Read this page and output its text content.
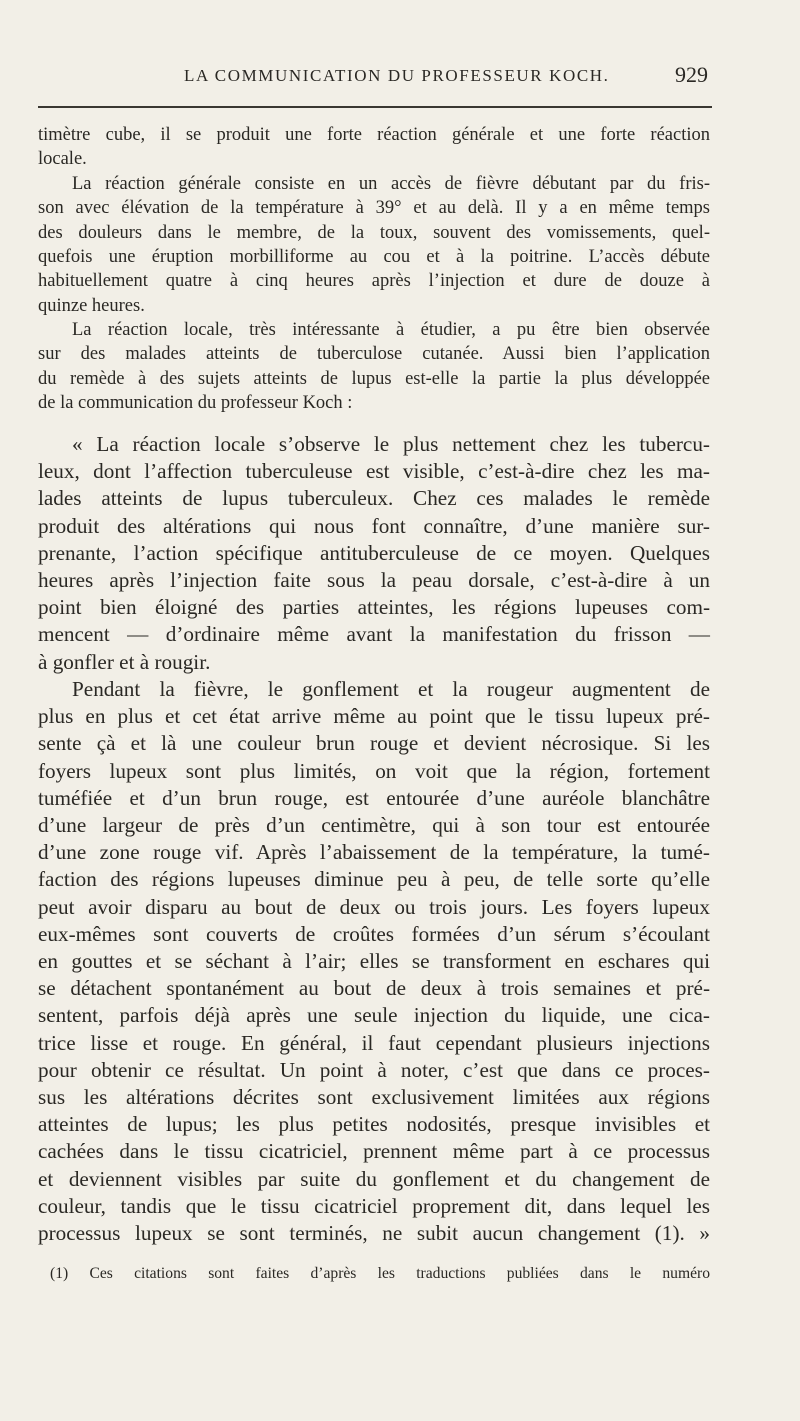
LA COMMUNICATION DU PROFESSEUR KOCH.	929
timètre cube, il se produit une forte réaction générale et une forte réaction
locale.
La réaction générale consiste en un accès de fièvre débutant par du fris-
son avec élévation de la température à 39° et au delà. Il y a en même temps
des douleurs dans le membre, de la toux, souvent des vomissements, quel-
quefois une éruption morbilliforme au cou et à la poitrine. L’accès débute
habituellement quatre à cinq heures après l’injection et dure de douze à
quinze heures.
La réaction locale, très intéressante à étudier, a pu être bien observée
sur des malades atteints de tuberculose cutanée. Aussi bien l’application
du remède à des sujets atteints de lupus est-elle la partie la plus développée
de la communication du professeur Koch :
« La réaction locale s’observe le plus nettement chez les tubercu-
leux, dont l’affection tuberculeuse est visible, c’est-à-dire chez les ma-
lades atteints de lupus tuberculeux. Chez ces malades le remède
produit des altérations qui nous font connaître, d’une manière sur-
prenante, l’action spécifique antituberculeuse de ce moyen. Quelques
heures après l’injection faite sous la peau dorsale, c’est-à-dire à un
point bien éloigné des parties atteintes, les régions lupeuses com-
mencent — d’ordinaire même avant la manifestation du frisson —
à gonfler et à rougir.
Pendant la fièvre, le gonflement et la rougeur augmentent de
plus en plus et cet état arrive même au point que le tissu lupeux pré-
sente çà et là une couleur brun rouge et devient nécrosique. Si les
foyers lupeux sont plus limités, on voit que la région, fortement
tuméfiée et d’un brun rouge, est entourée d’une auréole blanchâtre
d’une largeur de près d’un centimètre, qui à son tour est entourée
d’une zone rouge vif. Après l’abaissement de la température, la tumé-
faction des régions lupeuses diminue peu à peu, de telle sorte qu’elle
peut avoir disparu au bout de deux ou trois jours. Les foyers lupeux
eux-mêmes sont couverts de croûtes formées d’un sérum s’écoulant
en gouttes et se séchant à l’air; elles se transforment en eschares qui
se détachent spontanément au bout de deux à trois semaines et pré-
sentent, parfois déjà après une seule injection du liquide, une cica-
trice lisse et rouge. En général, il faut cependant plusieurs injections
pour obtenir ce résultat. Un point à noter, c’est que dans ce proces-
sus les altérations décrites sont exclusivement limitées aux régions
atteintes de lupus; les plus petites nodosités, presque invisibles et
cachées dans le tissu cicatriciel, prennent même part à ce processus
et deviennent visibles par suite du gonflement et du changement de
couleur, tandis que le tissu cicatriciel proprement dit, dans lequel les
processus lupeux se sont terminés, ne subit aucun changement (1). »
(1) Ces citations sont faites d’après les traductions publiées dans le numéro
